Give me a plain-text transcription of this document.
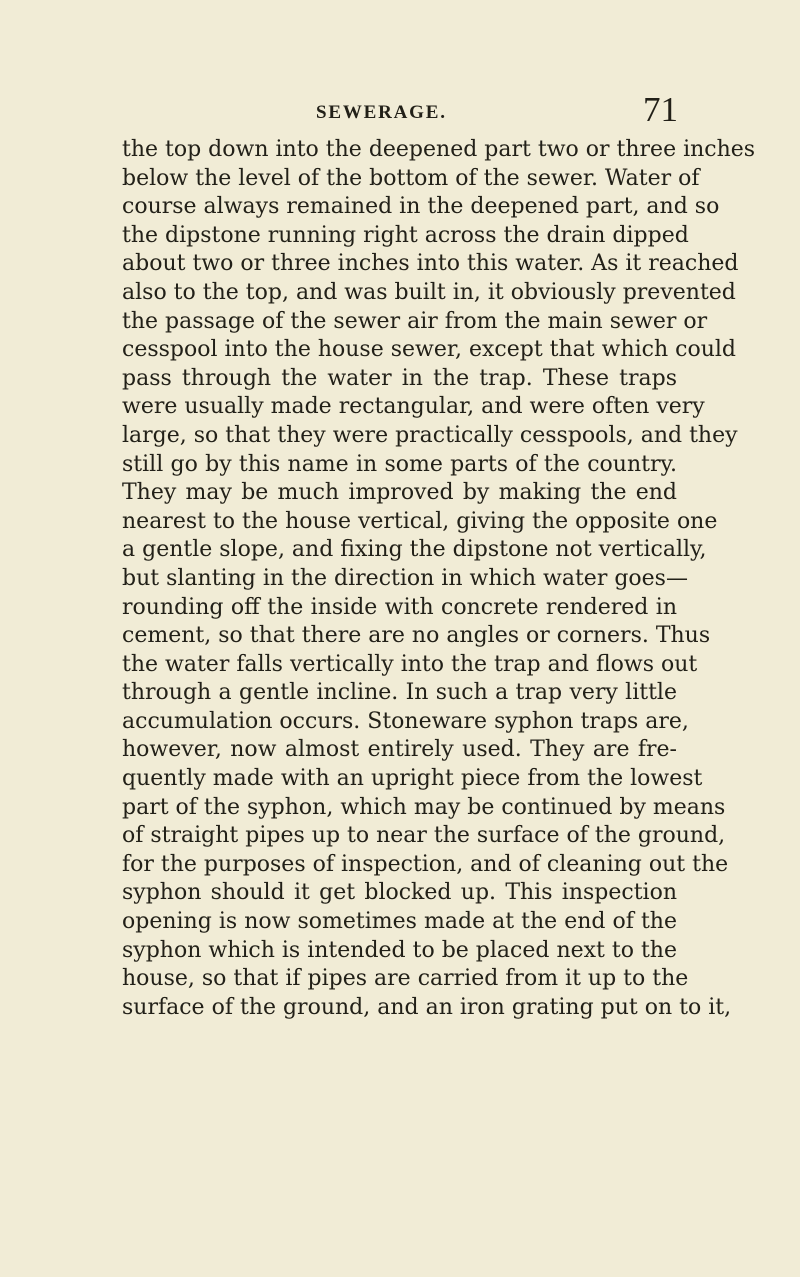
SEWERAGE.	71
the top down into the deepened part two or three inches
below the level of the bottom of the sewer. Water of
course always remained in the deepened part, and so
the dipstone running right across the drain dipped
about two or three inches into this water. As it reached
also to the top, and was built in, it obviously prevented
the passage of the sewer air from the main sewer or
cesspool into the house sewer, except that which could
pass through the water in the trap. These traps
were usually made rectangular, and were often very
large, so that they were practically cesspools, and they
still go by this name in some parts of the country.
They may be much improved by making the end
nearest to the house vertical, giving the opposite one
a gentle slope, and fixing the dipstone not vertically,
but slanting in the direction in which water goes—
rounding off the inside with concrete rendered in
cement, so that there are no angles or corners. Thus
the water falls vertically into the trap and flows out
through a gentle incline. In such a trap very little
accumulation occurs. Stoneware syphon traps are,
however, now almost entirely used. They are fre-
quently made with an upright piece from the lowest
part of the syphon, which may be continued by means
of straight pipes up to near the surface of the ground,
for the purposes of inspection, and of cleaning out the
syphon should it get blocked up. This inspection
opening is now sometimes made at the end of the
syphon which is intended to be placed next to the
house, so that if pipes are carried from it up to the
surface of the ground, and an iron grating put on to it,
